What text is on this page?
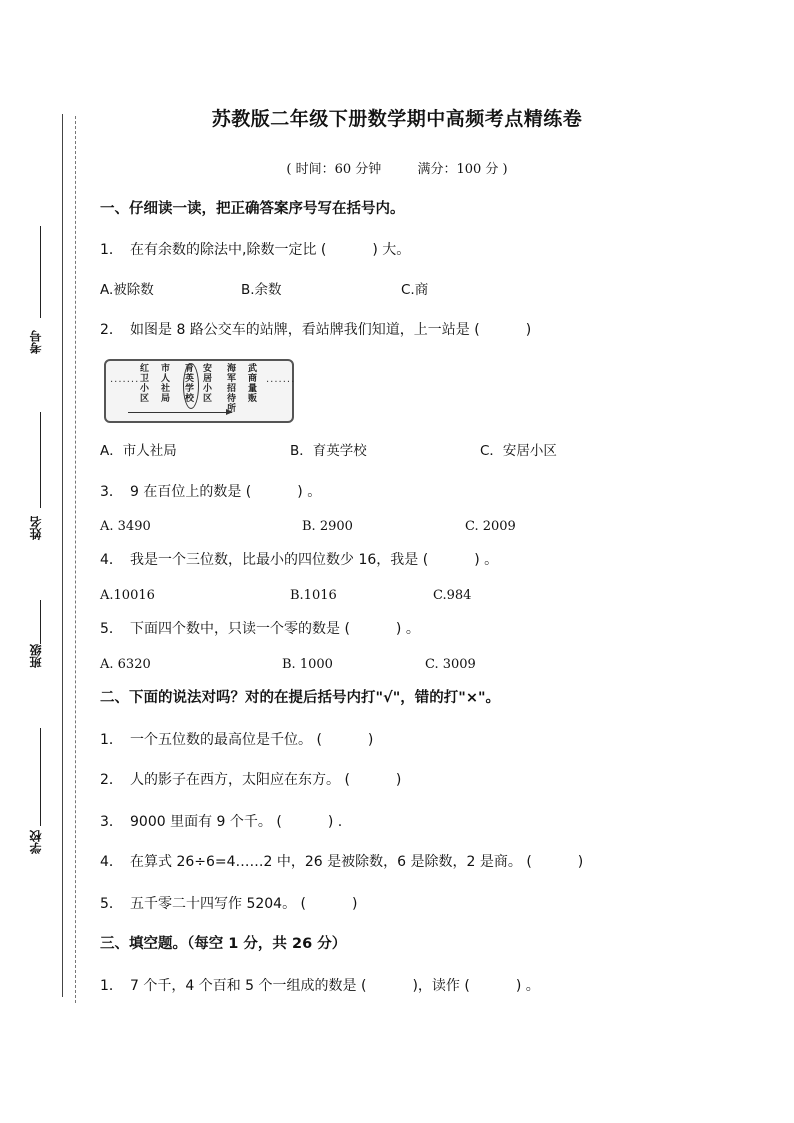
考号
姓名
班级
学校
苏教版二年级下册数学期中高频考点精练卷
( 时间：60 分钟	满分：100 分 )
一、仔细读一读，把正确答案序号写在括号内。
1． 在有余数的除法中,除数一定比 (	) 大。
A.被除数	B.余数	C.商
2． 如图是 8 路公交车的站牌，看站牌我们知道，上一站是 (	)
·······
红卫小区
市人社局
育英学校
安居小区
海军招待所
武商量贩
·······
A．市人社局	B．育英学校	C．安居小区
3． 9 在百位上的数是 (	) 。
A. 3490	B. 2900	C. 2009
4． 我是一个三位数，比最小的四位数少 16，我是 (	) 。
A.10016	B.1016	C.984
5． 下面四个数中，只读一个零的数是 (	) 。
A. 6320	B. 1000	C. 3009
二、下面的说法对吗？对的在提后括号内打"√"，错的打"×"。
1． 一个五位数的最高位是千位。 (	)
2． 人的影子在西方，太阳应在东方。 (	)
3． 9000 里面有 9 个千。 (	) .
4． 在算式 26÷6=4……2 中，26 是被除数，6 是除数，2 是商。 (	)
5． 五千零二十四写作 5204。 (	)
三、填空题。（每空 1 分，共 26 分）
1． 7 个千，4 个百和 5 个一组成的数是 (	)，读作 (	) 。
